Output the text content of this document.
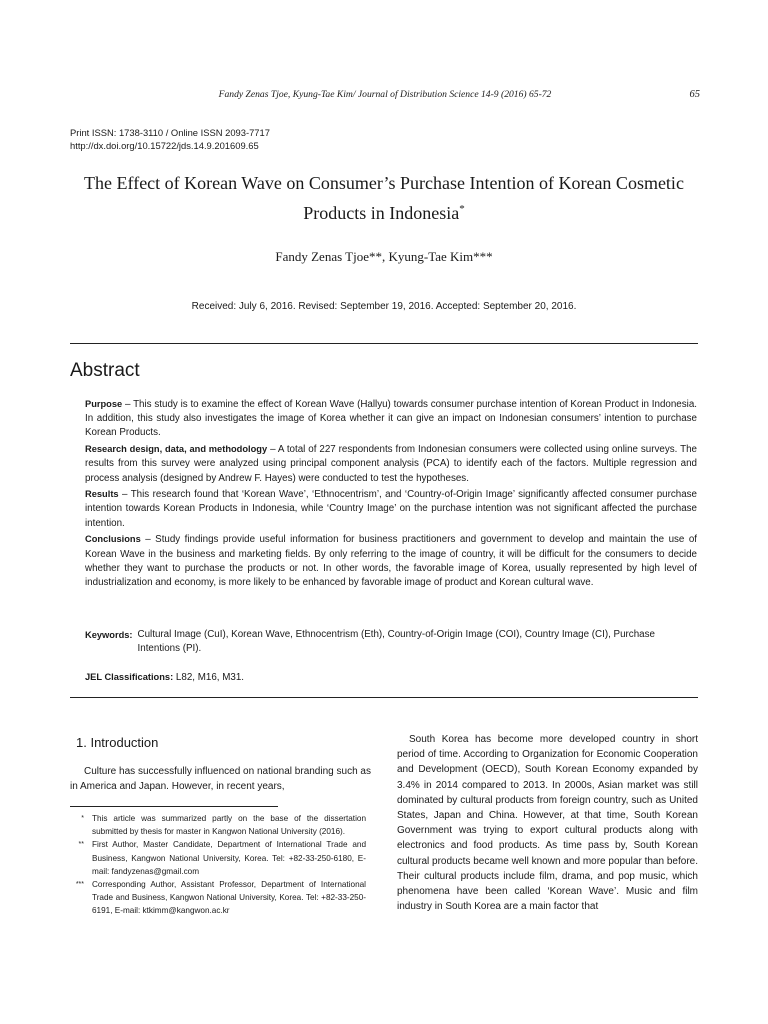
Fandy Zenas Tjoe, Kyung-Tae Kim/ Journal of Distribution Science 14-9 (2016) 65-72	65
Print ISSN: 1738-3110 / Online ISSN 2093-7717
http://dx.doi.org/10.15722/jds.14.9.201609.65
The Effect of Korean Wave on Consumer’s Purchase Intention of Korean Cosmetic Products in Indonesia*
Fandy Zenas Tjoe**, Kyung-Tae Kim***
Received: July 6, 2016. Revised: September 19, 2016. Accepted: September 20, 2016.
Abstract

Purpose – This study is to examine the effect of Korean Wave (Hallyu) towards consumer purchase intention of Korean Product in Indonesia. In addition, this study also investigates the image of Korea whether it can give an impact on Indonesian consumers’ intention to purchase Korean Products.

Research design, data, and methodology – A total of 227 respondents from Indonesian consumers were collected using online surveys. The results from this survey were analyzed using principal component analysis (PCA) to identify each of the factors. Multiple regression and process analysis (designed by Andrew F. Hayes) were conducted to test the hypotheses.

Results – This research found that ‘Korean Wave’, ‘Ethnocentrism’, and ‘Country-of-Origin Image’ significantly affected consumer purchase intention towards Korean Products in Indonesia, while ‘Country Image’ on the purchase intention was not significant affected the purchase intention.

Conclusions – Study findings provide useful information for business practitioners and government to develop and maintain the use of Korean Wave in the business and marketing fields. By only referring to the image of country, it will be difficult for the consumers to decide whether they want to purchase the products or not. In other words, the favorable image of Korea, usually represented by high level of industrialization and economy, is more likely to be enhanced by favorable image of product and Korean cultural wave.

Keywords: Cultural Image (CuI), Korean Wave, Ethnocentrism (Eth), Country-of-Origin Image (COI), Country Image (CI), Purchase Intentions (PI).
JEL Classifications: L82, M16, M31.
1. Introduction
Culture has successfully influenced on national branding such as in America and Japan. However, in recent years,
* This article was summarized partly on the base of the dissertation submitted by thesis for master in Kangwon National University (2016).
** First Author, Master Candidate, Department of International Trade and Business, Kangwon National University, Korea. Tel: +82-33-250-6180, E-mail: fandyzenas@gmail.com
*** Corresponding Author, Assistant Professor, Department of International Trade and Business, Kangwon National University, Korea. Tel: +82-33-250-6191, E-mail: ktkimm@kangwon.ac.kr
South Korea has become more developed country in short period of time. According to Organization for Economic Cooperation and Development (OECD), South Korean Economy expanded by 3.4% in 2014 compared to 2013. In 2000s, Asian market was still dominated by cultural products from foreign country, such as United States, Japan and China. However, at that time, South Korean Government was trying to export cultural products along with electronics and food products. As time pass by, South Korean cultural products became well known and more popular than before. Their cultural products include film, drama, and pop music, which phenomena have been called ‘Korean Wave’. Music and film industry in South Korea are a main factor that
